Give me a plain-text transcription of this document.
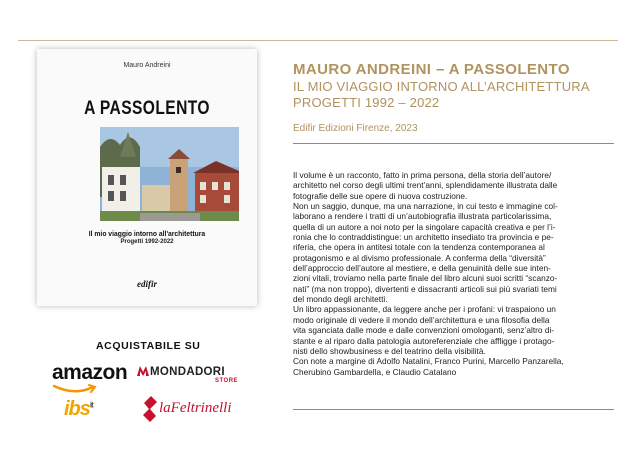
Mauro Andreini
A PASSOLENTO
Il mio viaggio intorno all'architettura
Progetti 1992-2022
edifir
ACQUISTABILE SU
amazon	MONDADORI
STORE
ibs$^{it}$	laFeltrinelli
MAURO ANDREINI – A PASSOLENTO
IL MIO VIAGGIO INTORNO ALL’ARCHITETTURA
PROGETTI 1992 – 2022
Edifir Edizioni Firenze, 2023
Il volume è un racconto, fatto in prima persona, della storia dell’autore/
architetto nel corso degli ultimi trent’anni, splendidamente illustrata dalle
fotografie delle sue opere di nuova costruzione.
Non un saggio, dunque, ma una narrazione, in cui testo e immagine col-
laborano a rendere i tratti di un’autobiografia illustrata particolarissima,
quella di un autore a noi noto per la singolare capacità creativa e per l’i-
ronia che lo contraddistingue: un architetto insediato tra provincia e pe-
riferia, che opera in antitesi totale con la tendenza contemporanea al
protagonismo e al divismo professionale. A conferma della “diversità”
dell’approccio dell’autore al mestiere, e della genuinità delle sue inten-
zioni vitali, troviamo nella parte finale del libro alcuni suoi scritti “scanzo-
nati” (ma non troppo), divertenti e dissacranti articoli sui più svariati temi
del mondo degli architetti.
Un libro appassionante, da leggere anche per i profani: vi traspaiono un
modo originale di vedere il mondo dell’architettura e una filosofia della
vita sganciata dalle mode e dalle convenzioni omologanti, senz’altro di-
stante e al riparo dalla patologia autoreferenziale che affligge i protago-
nisti dello showbusiness e del teatrino della visibilità.
Con note a margine di Adolfo Natalini, Franco Purini, Marcello Panzarella,
Cherubino Gambardella, e Claudio Catalano
